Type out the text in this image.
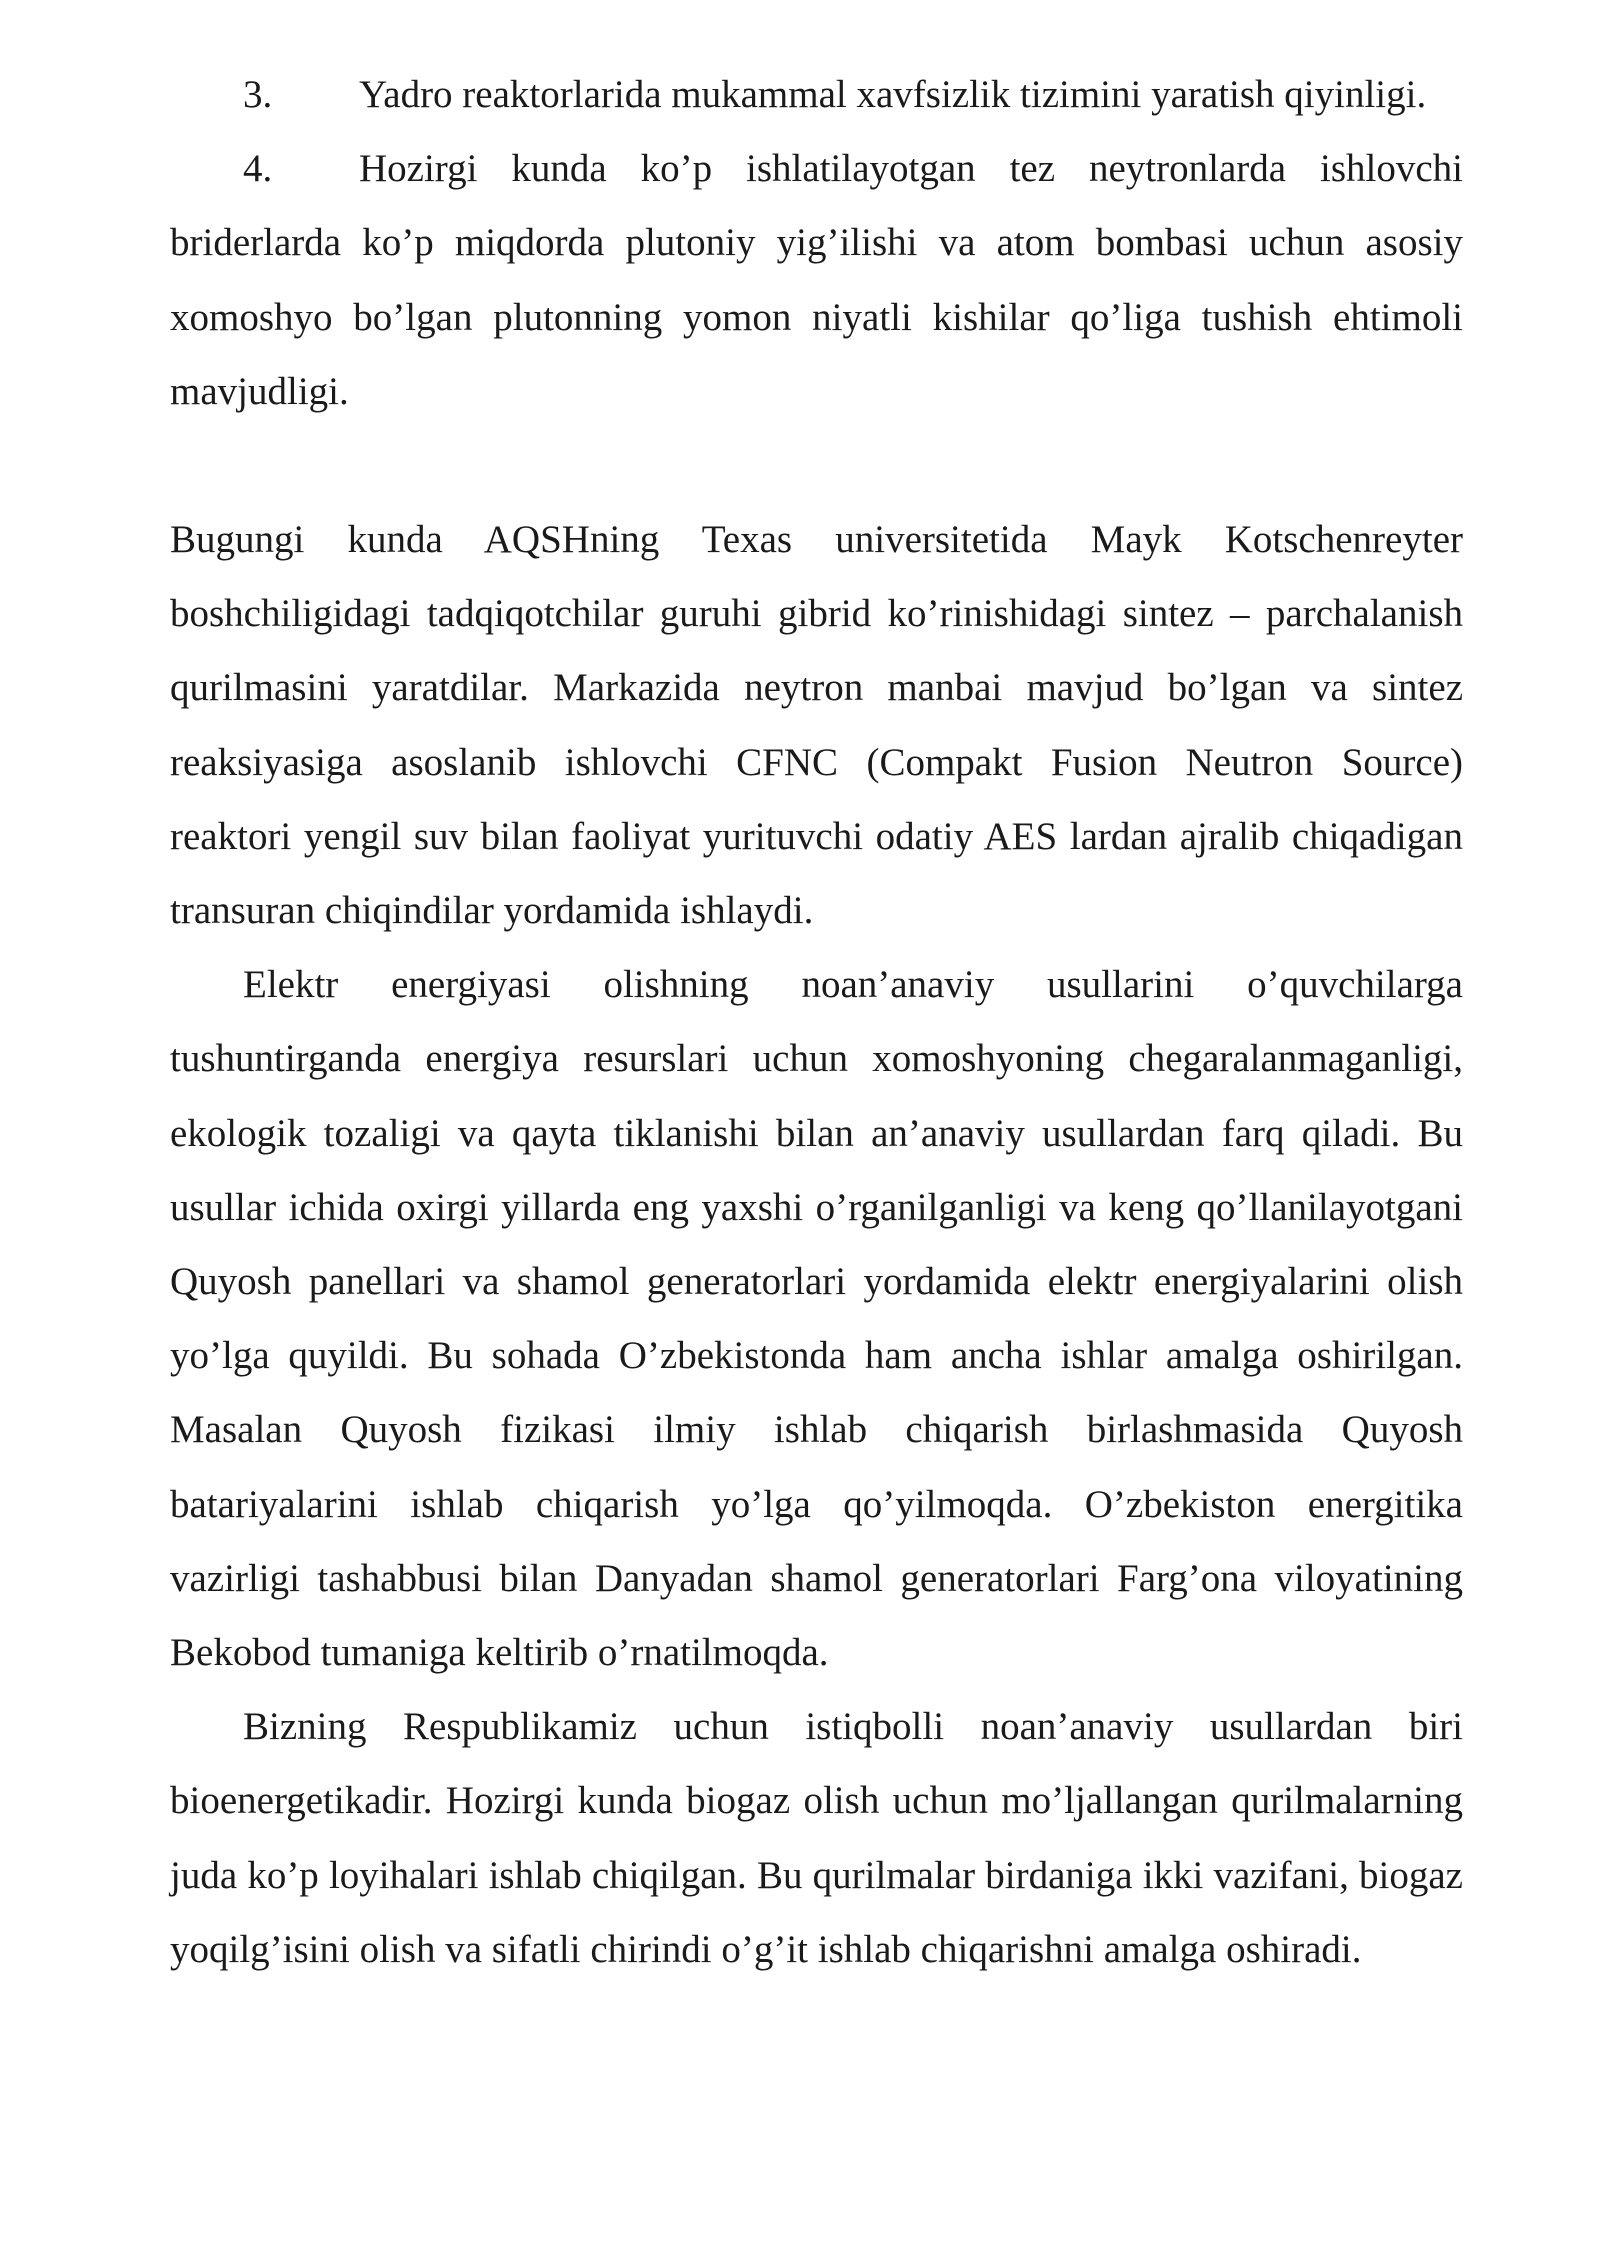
3. Yadro reaktorlarida mukammal xavfsizlik tizimini yaratish qiyinligi.

4. Hozirgi kunda ko’p ishlatilayotgan tez neytronlarda ishlovchi briderlarda ko’p miqdorda plutoniy yig’ilishi va atom bombasi uchun asosiy xomoshyo bo’lgan plutonning yomon niyatli kishilar qo’liga tushish ehtimoli mavjudligi.

Bugungi kunda AQSHning Texas universitetida Mayk Kotschenreyter boshchiligidagi tadqiqotchilar guruhi gibrid ko’rinishidagi sintez – parchalanish qurilmasini yaratdilar. Markazida neytron manbai mavjud bo’lgan va sintez reaksiyasiga asoslanib ishlovchi CFNC (Compakt Fusion Neutron Source) reaktori yengil suv bilan faoliyat yurituvchi odatiy AES lardan ajralib chiqadigan transuran chiqindilar yordamida ishlaydi.

Elektr energiyasi olishning noan’anaviy usullarini o’quvchilarga tushuntirganda energiya resurslari uchun xomoshyoning chegaralanmaganligi, ekologik tozaligi va qayta tiklanishi bilan an’anaviy usullardan farq qiladi. Bu usullar ichida oxirgi yillarda eng yaxshi o’rganilganligi va keng qo’llanilayotgani Quyosh panellari va shamol generatorlari yordamida elektr energiyalarini olish yo’lga quyildi. Bu sohada O’zbekistonda ham ancha ishlar amalga oshirilgan. Masalan Quyosh fizikasi ilmiy ishlab chiqarish birlashmasida Quyosh batariyalarini ishlab chiqarish yo’lga qo’yilmoqda. O’zbekiston energitika vazirligi tashabbusi bilan Danyadan shamol generatorlari Farg’ona viloyatining Bekobod tumaniga keltirib o’rnatilmoqda.

Bizning Respublikamiz uchun istiqbolli noan’anaviy usullardan biri bioenergetikadir. Hozirgi kunda biogaz olish uchun mo’ljallangan qurilmalarning juda ko’p loyihalari ishlab chiqilgan. Bu qurilmalar birdaniga ikki vazifani, biogaz yoqilg’isini olish va sifatli chirindi o’g’it ishlab chiqarishni amalga oshiradi.
